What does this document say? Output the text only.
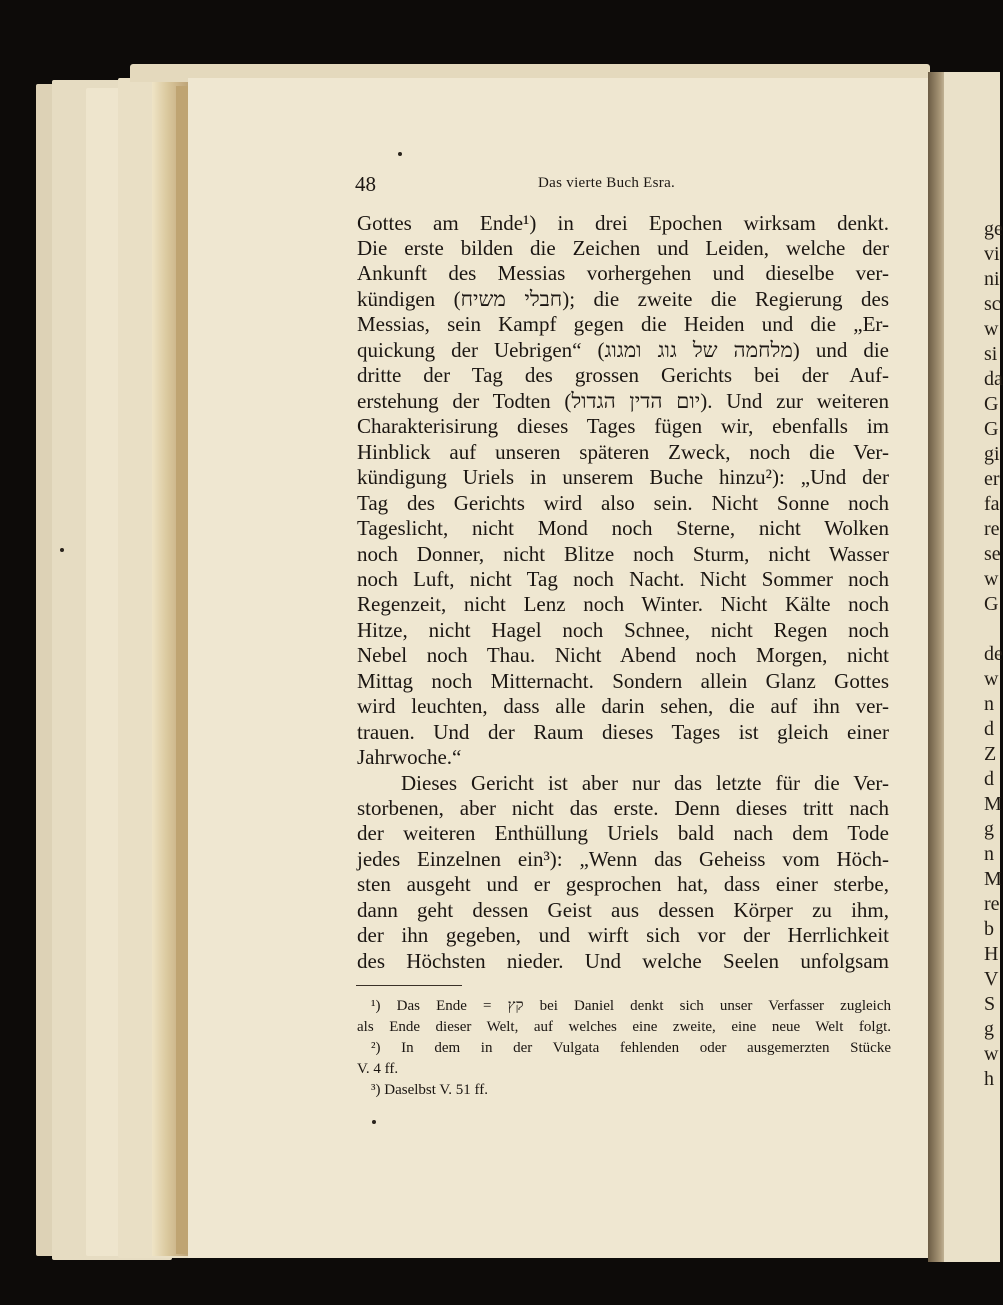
ge
vi
ni
sc
w
si
da
G
G
gi
er
fa
re
se
w
G
de
w
n
d
Z
d
M
g
n
M
re
b
H
V
S
g
w
h
48	Das vierte Buch Esra.
Gottes am Ende¹) in drei Epochen wirksam denkt.
Die erste bilden die Zeichen und Leiden, welche der
Ankunft des Messias vorhergehen und dieselbe ver-
kündigen (חבלי משיח); die zweite die Regierung des
Messias, sein Kampf gegen die Heiden und die „Er-
quickung der Uebrigen“ (מלחמה של גוג ומגוג) und die
dritte der Tag des grossen Gerichts bei der Auf-
erstehung der Todten (יום הדין הגדול). Und zur weiteren
Charakterisirung dieses Tages fügen wir, ebenfalls im
Hinblick auf unseren späteren Zweck, noch die Ver-
kündigung Uriels in unserem Buche hinzu²): „Und der
Tag des Gerichts wird also sein. Nicht Sonne noch
Tageslicht, nicht Mond noch Sterne, nicht Wolken
noch Donner, nicht Blitze noch Sturm, nicht Wasser
noch Luft, nicht Tag noch Nacht. Nicht Sommer noch
Regenzeit, nicht Lenz noch Winter. Nicht Kälte noch
Hitze, nicht Hagel noch Schnee, nicht Regen noch
Nebel noch Thau. Nicht Abend noch Morgen, nicht
Mittag noch Mitternacht. Sondern allein Glanz Gottes
wird leuchten, dass alle darin sehen, die auf ihn ver-
trauen. Und der Raum dieses Tages ist gleich einer
Jahrwoche.“
Dieses Gericht ist aber nur das letzte für die Ver-
storbenen, aber nicht das erste. Denn dieses tritt nach
der weiteren Enthüllung Uriels bald nach dem Tode
jedes Einzelnen ein³): „Wenn das Geheiss vom Höch-
sten ausgeht und er gesprochen hat, dass einer sterbe,
dann geht dessen Geist aus dessen Körper zu ihm,
der ihn gegeben, und wirft sich vor der Herrlichkeit
des Höchsten nieder. Und welche Seelen unfolgsam
¹) Das Ende = קץ bei Daniel denkt sich unser Verfasser zugleich
als Ende dieser Welt, auf welches eine zweite, eine neue Welt folgt.
²) In dem in der Vulgata fehlenden oder ausgemerzten Stücke
V. 4 ff.
³) Daselbst V. 51 ff.
